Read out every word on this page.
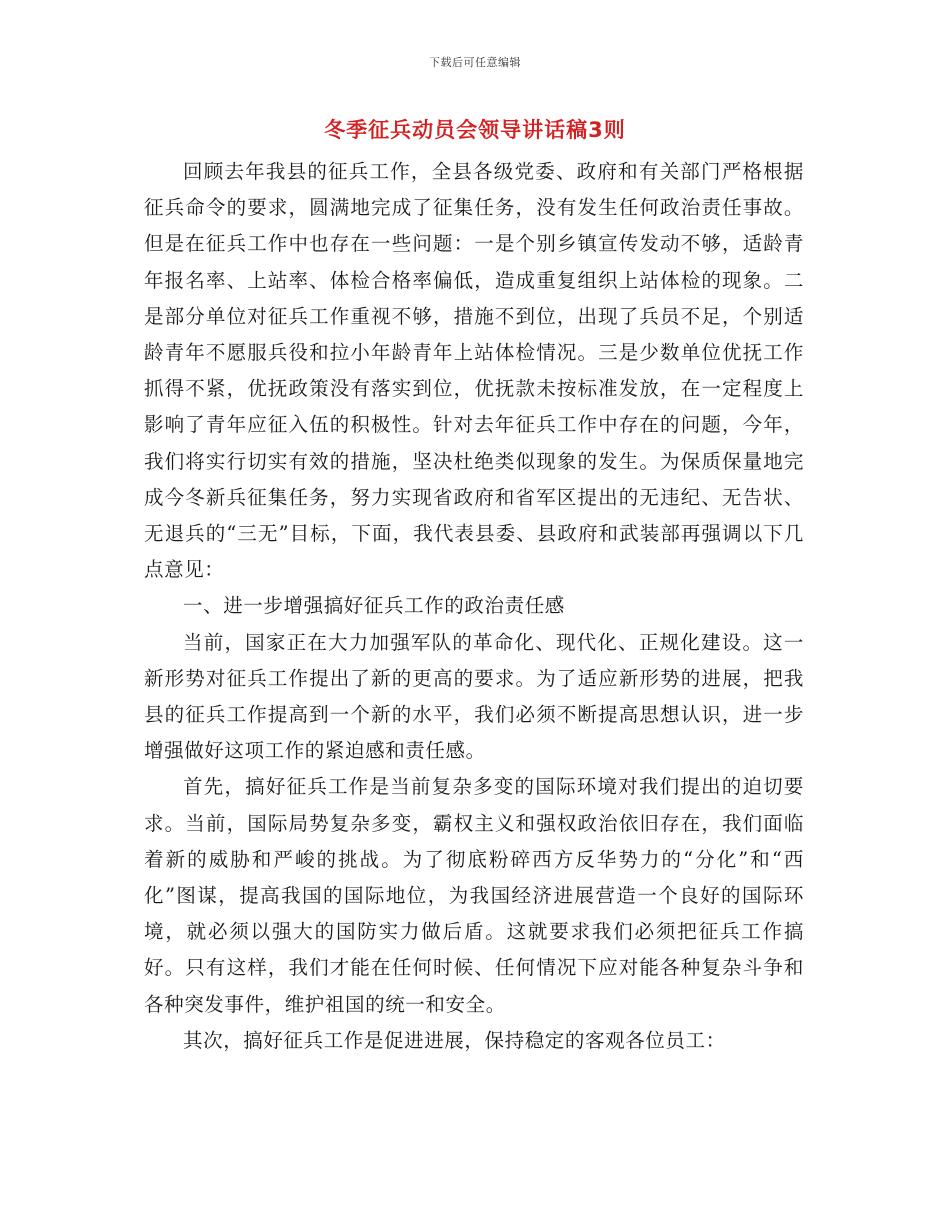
下载后可任意编辑
冬季征兵动员会领导讲话稿3则

回顾去年我县的征兵工作，全县各级党委、政府和有关部门严格根据征兵命令的要求，圆满地完成了征集任务，没有发生任何政治责任事故。但是在征兵工作中也存在一些问题：一是个别乡镇宣传发动不够，适龄青年报名率、上站率、体检合格率偏低，造成重复组织上站体检的现象。二是部分单位对征兵工作重视不够，措施不到位，出现了兵员不足，个别适龄青年不愿服兵役和拉小年龄青年上站体检情况。三是少数单位优抚工作抓得不紧，优抚政策没有落实到位，优抚款未按标准发放，在一定程度上影响了青年应征入伍的积极性。针对去年征兵工作中存在的问题，今年，我们将实行切实有效的措施，坚决杜绝类似现象的发生。为保质保量地完成今冬新兵征集任务，努力实现省政府和省军区提出的无违纪、无告状、无退兵的“三无”目标，下面，我代表县委、县政府和武装部再强调以下几点意见：

一、进一步增强搞好征兵工作的政治责任感

当前，国家正在大力加强军队的革命化、现代化、正规化建设。这一新形势对征兵工作提出了新的更高的要求。为了适应新形势的进展，把我县的征兵工作提高到一个新的水平，我们必须不断提高思想认识，进一步增强做好这项工作的紧迫感和责任感。

首先，搞好征兵工作是当前复杂多变的国际环境对我们提出的迫切要求。当前，国际局势复杂多变，霸权主义和强权政治依旧存在，我们面临着新的威胁和严峻的挑战。为了彻底粉碎西方反华势力的“分化”和“西化”图谋，提高我国的国际地位，为我国经济进展营造一个良好的国际环境，就必须以强大的国防实力做后盾。这就要求我们必须把征兵工作搞好。只有这样，我们才能在任何时候、任何情况下应对能各种复杂斗争和各种突发事件，维护祖国的统一和安全。

其次，搞好征兵工作是促进进展，保持稳定的客观各位员工：
